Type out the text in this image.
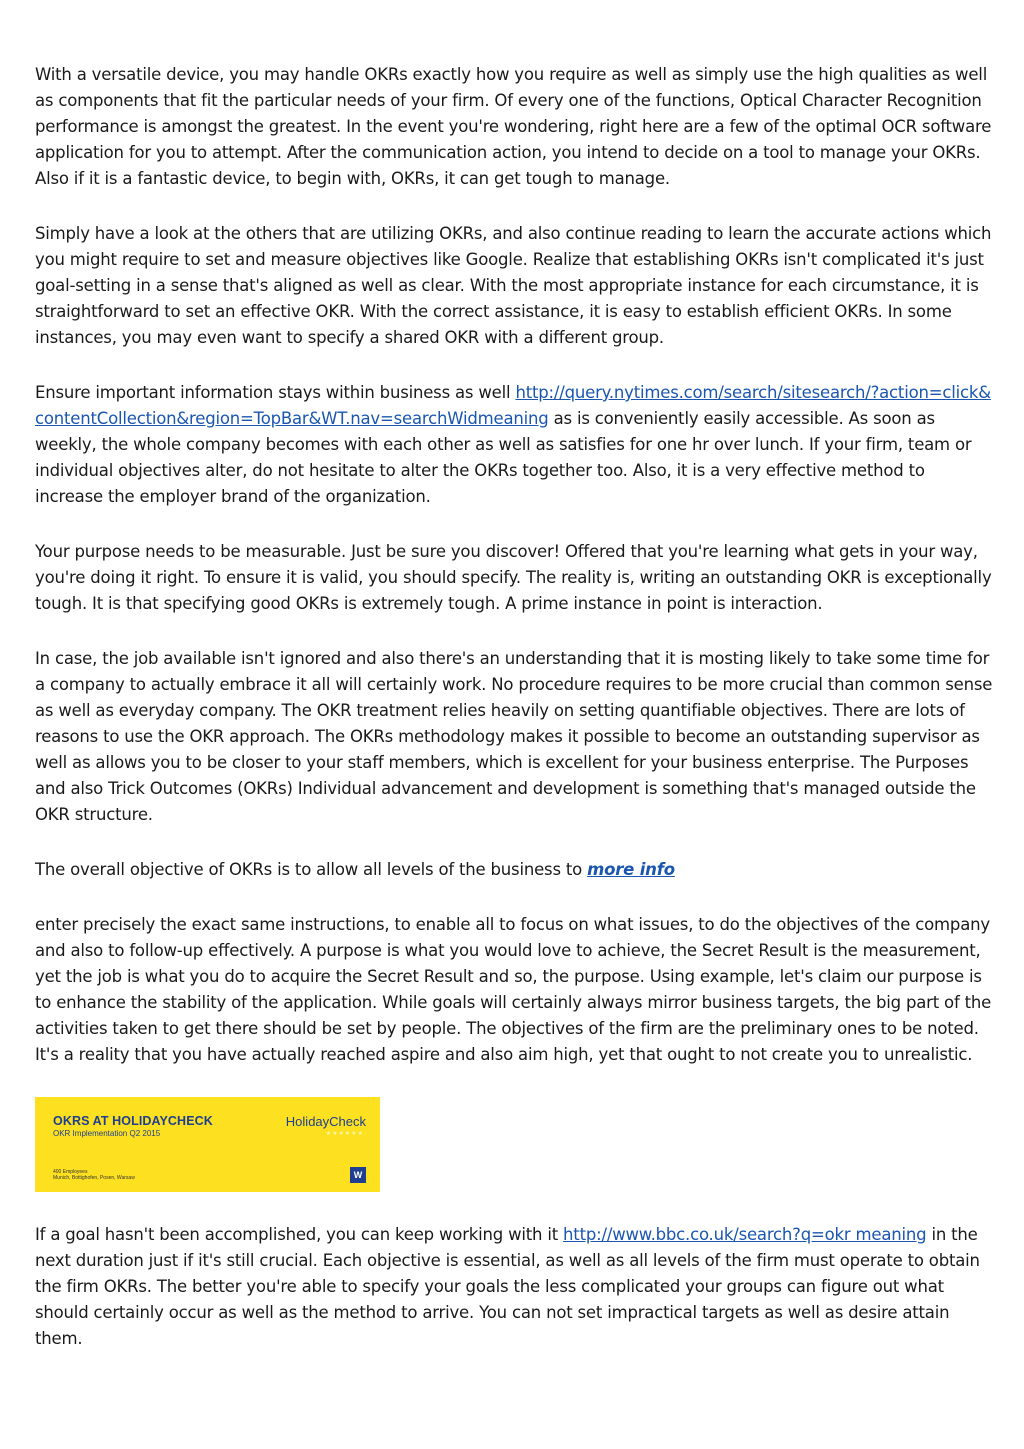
With a versatile device, you may handle OKRs exactly how you require as well as simply use the high qualities as well as components that fit the particular needs of your firm. Of every one of the functions, Optical Character Recognition performance is amongst the greatest. In the event you're wondering, right here are a few of the optimal OCR software application for you to attempt. After the communication action, you intend to decide on a tool to manage your OKRs. Also if it is a fantastic device, to begin with, OKRs, it can get tough to manage.

Simply have a look at the others that are utilizing OKRs, and also continue reading to learn the accurate actions which you might require to set and measure objectives like Google. Realize that establishing OKRs isn't complicated it's just goal-setting in a sense that's aligned as well as clear. With the most appropriate instance for each circumstance, it is straightforward to set an effective OKR. With the correct assistance, it is easy to establish efficient OKRs. In some instances, you may even want to specify a shared OKR with a different group.

Ensure important information stays within business as well http://query.nytimes.com/search/sitesearch/?action=click&contentCollection&region=TopBar&WT.nav=searchWidmeaning as is conveniently easily accessible. As soon as weekly, the whole company becomes with each other as well as satisfies for one hr over lunch. If your firm, team or individual objectives alter, do not hesitate to alter the OKRs together too. Also, it is a very effective method to increase the employer brand of the organization.

Your purpose needs to be measurable. Just be sure you discover! Offered that you're learning what gets in your way, you're doing it right. To ensure it is valid, you should specify. The reality is, writing an outstanding OKR is exceptionally tough. It is that specifying good OKRs is extremely tough. A prime instance in point is interaction.

In case, the job available isn't ignored and also there's an understanding that it is mosting likely to take some time for a company to actually embrace it all will certainly work. No procedure requires to be more crucial than common sense as well as everyday company. The OKR treatment relies heavily on setting quantifiable objectives. There are lots of reasons to use the OKR approach. The OKRs methodology makes it possible to become an outstanding supervisor as well as allows you to be closer to your staff members, which is excellent for your business enterprise. The Purposes and also Trick Outcomes (OKRs) Individual advancement and development is something that's managed outside the OKR structure.

The overall objective of OKRs is to allow all levels of the business to more info

enter precisely the exact same instructions, to enable all to focus on what issues, to do the objectives of the company and also to follow-up effectively. A purpose is what you would love to achieve, the Secret Result is the measurement, yet the job is what you do to acquire the Secret Result and so, the purpose. Using example, let's claim our purpose is to enhance the stability of the application. While goals will certainly always mirror business targets, the big part of the activities taken to get there should be set by people. The objectives of the firm are the preliminary ones to be noted. It's a reality that you have actually reached aspire and also aim high, yet that ought to not create you to unrealistic.

OKRS AT HOLIDAYCHECK
OKR Implementation Q2 2015
400 Employees
Munich, Bottighofen, Posen, Warsaw
HolidayCheck
★★★★★★
W

If a goal hasn't been accomplished, you can keep working with it http://www.bbc.co.uk/search?q=okr meaning in the next duration just if it's still crucial. Each objective is essential, as well as all levels of the firm must operate to obtain the firm OKRs. The better you're able to specify your goals the less complicated your groups can figure out what should certainly occur as well as the method to arrive. You can not set impractical targets as well as desire attain them.
